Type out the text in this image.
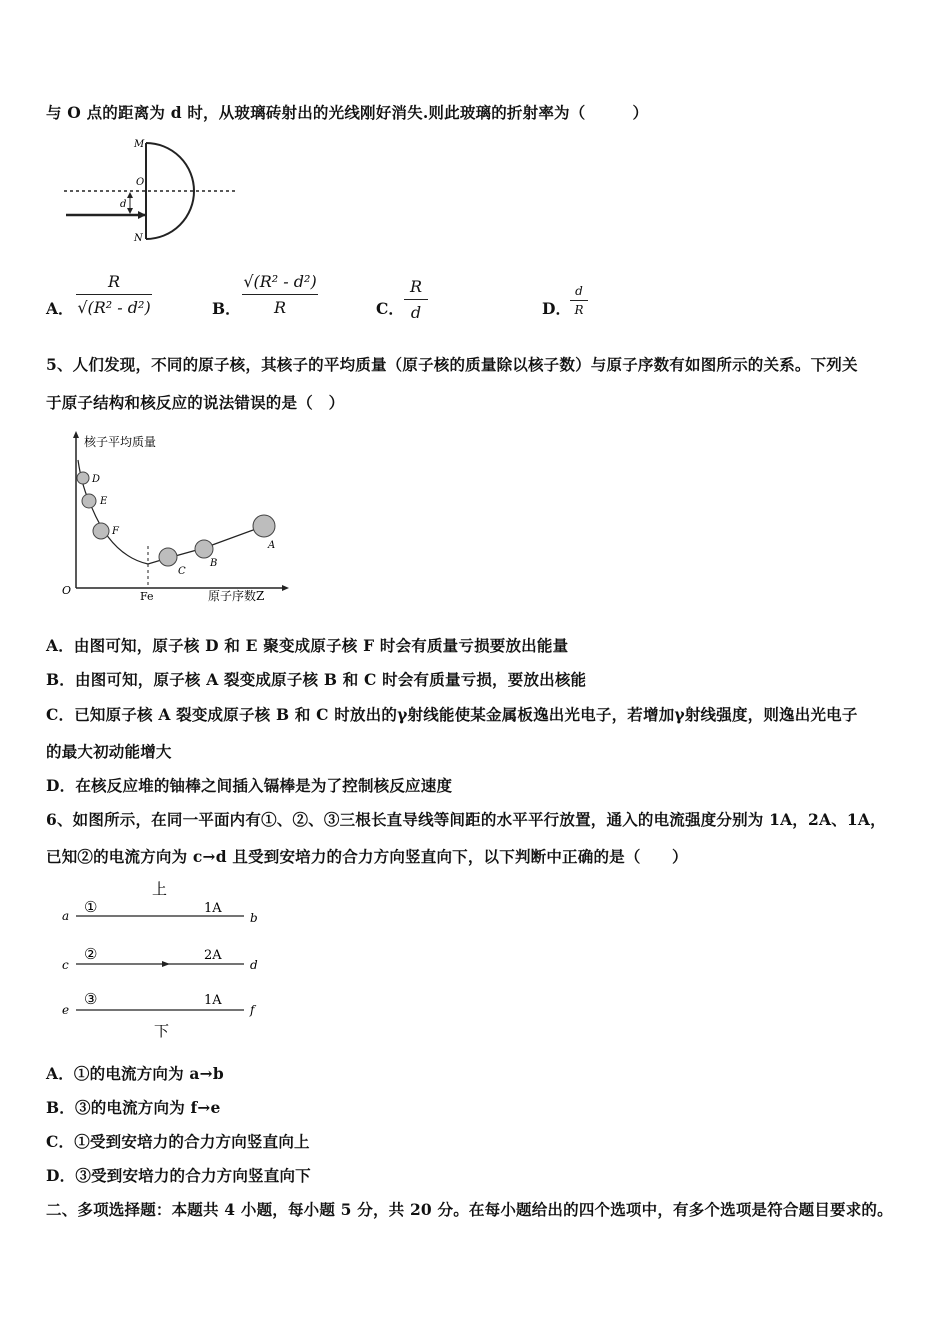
与 O 点的距离为 d 时，从玻璃砖射出的光线刚好消失.则此玻璃的折射率为（　　　）
M
O
d
N
A．
R
√(R² - d²)	B．
√(R² - d²)
R	C．
R
d	D．
d
R
5、人们发现，不同的原子核，其核子的平均质量（原子核的质量除以核子数）与原子序数有如图所示的关系。下列关
于原子结构和核反应的说法错误的是（　）
核子平均质量
D
E
F
C
B
A
O	Fe	原子序数Z
A．由图可知，原子核 D 和 E 聚变成原子核 F 时会有质量亏损要放出能量
B．由图可知，原子核 A 裂变成原子核 B 和 C 时会有质量亏损，要放出核能
C．已知原子核 A 裂变成原子核 B 和 C 时放出的γ射线能使某金属板逸出光电子，若增加γ射线强度，则逸出光电子
的最大初动能增大
D．在核反应堆的铀棒之间插入镉棒是为了控制核反应速度
6、如图所示，在同一平面内有①、②、③三根长直导线等间距的水平平行放置，通入的电流强度分别为 1A，2A、1A，
已知②的电流方向为 c→d 且受到安培力的合力方向竖直向下，以下判断中正确的是（　　）
上
①	1A
a	b
②	2A
c	d
③	1A
e	f
下
A．①的电流方向为 a→b
B．③的电流方向为 f→e
C．①受到安培力的合力方向竖直向上
D．③受到安培力的合力方向竖直向下
二、多项选择题：本题共 4 小题，每小题 5 分，共 20 分。在每小题给出的四个选项中，有多个选项是符合题目要求的。
